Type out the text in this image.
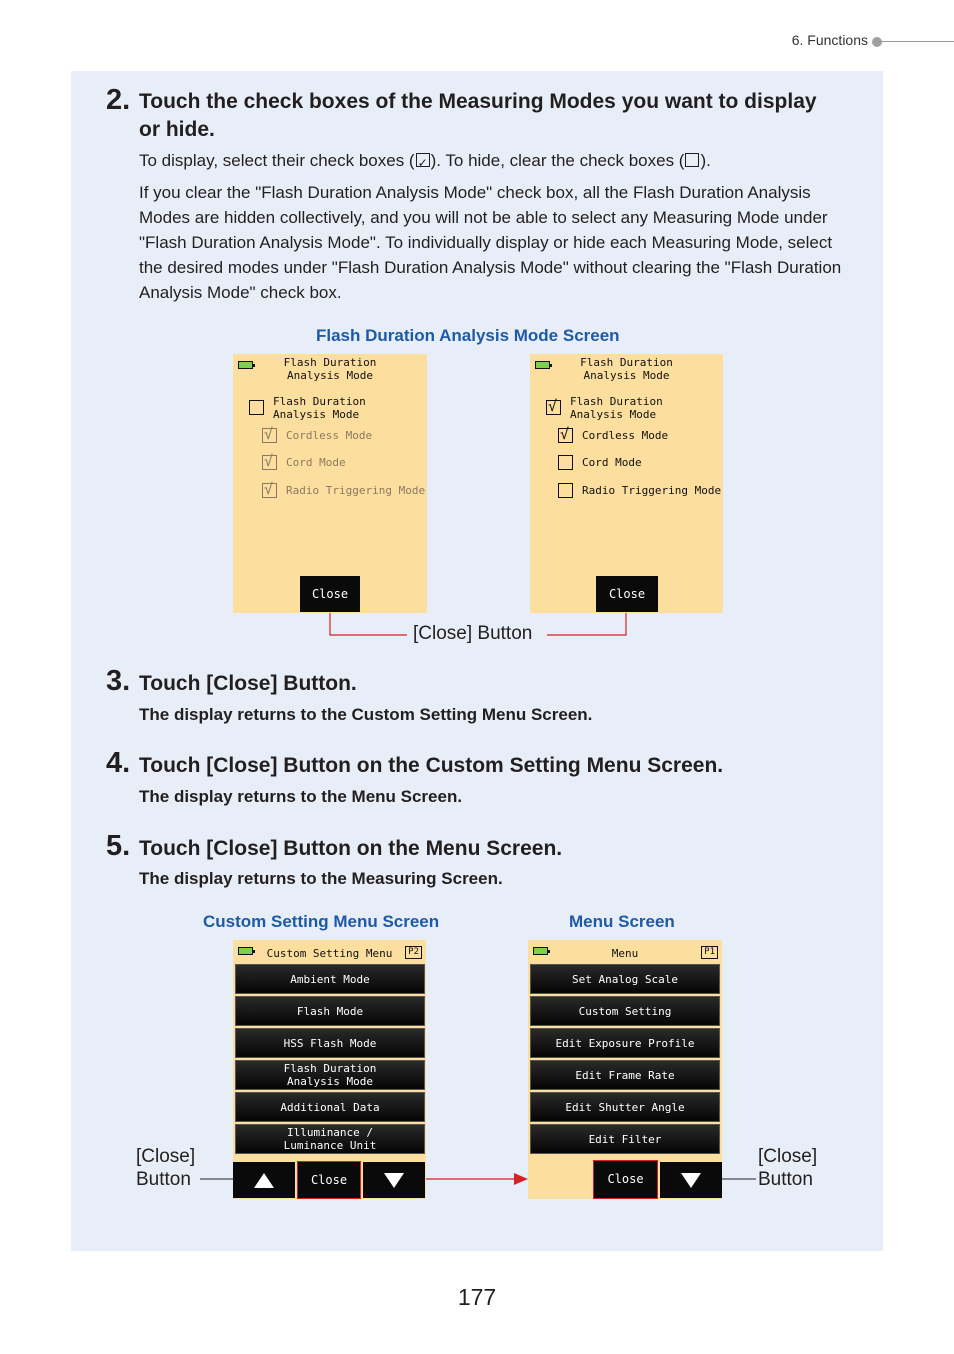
6. Functions
2. Touch the check boxes of the Measuring Modes you want to display or hide.
To display, select their check boxes (✓ ). To hide, clear the check boxes ( ).
If you clear the "Flash Duration Analysis Mode" check box, all the Flash Duration Analysis Modes are hidden collectively, and you will not be able to select any Measuring Mode under "Flash Duration Analysis Mode". To individually display or hide each Measuring Mode, select the desired modes under "Flash Duration Analysis Mode" without clearing the "Flash Duration Analysis Mode" check box.
Flash Duration Analysis Mode Screen
Flash Duration
Analysis Mode
Flash Duration
Analysis Mode
√
Cordless Mode
√
Cord Mode
√
Radio Triggering Mode
Close
Flash Duration
Analysis Mode
√
Flash Duration
Analysis Mode
√
Cordless Mode
Cord Mode
Radio Triggering Mode
Close
[Close] Button
3. Touch [Close] Button.
The display returns to the Custom Setting Menu Screen.
4. Touch [Close] Button on the Custom Setting Menu Screen.
The display returns to the Menu Screen.
5. Touch [Close] Button on the Menu Screen.
The display returns to the Measuring Screen.
Custom Setting Menu Screen	Menu Screen
Custom Setting Menu	P2
Ambient Mode
Flash Mode
HSS Flash Mode
Flash Duration
Analysis Mode
Additional Data
Illuminance /
Luminance Unit
Close
Menu	P1
Set Analog Scale
Custom Setting
Edit Exposure Profile
Edit Frame Rate
Edit Shutter Angle
Edit Filter
Close
[Close]
Button
[Close]
Button
177
